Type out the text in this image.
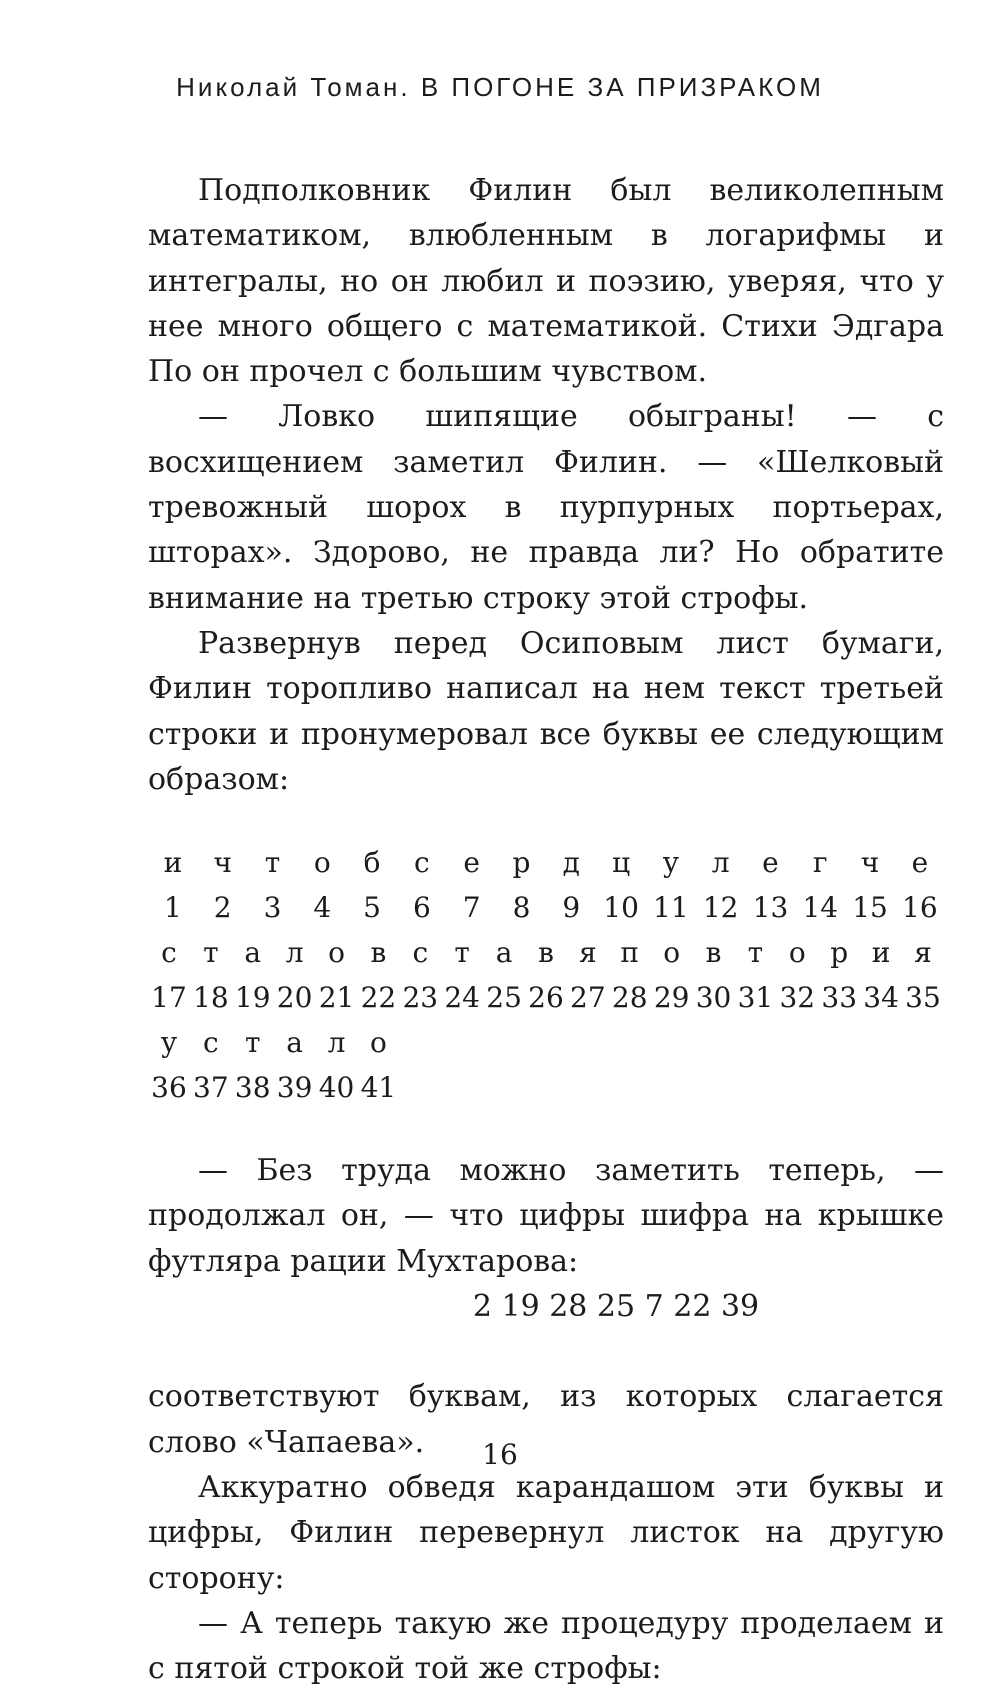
Николай Томан. В ПОГОНЕ ЗА ПРИЗРАКОМ

Подполковник Филин был великолепным математиком, влюбленным в логарифмы и интегралы, но он любил и поэзию, уверяя, что у нее много общего с математикой. Стихи Эдгара По он прочел с большим чувством.

— Ловко шипящие обыграны! — с восхищением заметил Филин. — «Шелковый тревожный шорох в пурпурных портьерах, шторах». Здорово, не правда ли? Но обратите внимание на третью строку этой строфы.

Развернув перед Осиповым лист бумаги, Филин торопливо написал на нем текст третьей строки и пронумеровал все буквы ее следующим образом:

и	ч	т	о	б	с	е	р	д	ц	у	л	е	г	ч	е
1	2	3	4	5	6	7	8	9 10 11 12 13 14 15 16
с т а л о в с т а в я п о в т о р и я
17 18 19 20 21 22 23 24 25 26 27 28 29 30 31 32 33 34 35
у с т а л о
36 37 38 39 40 41

— Без труда можно заметить теперь, — продолжал он, — что цифры шифра на крышке футляра рации Мухтарова:

2 19 28 25 7 22 39

соответствуют буквам, из которых слагается слово «Чапаева».

Аккуратно обведя карандашом эти буквы и цифры, Филин перевернул листок на другую сторону:

— А теперь такую же процедуру проделаем и с пятой строкой той же строфы:

16
